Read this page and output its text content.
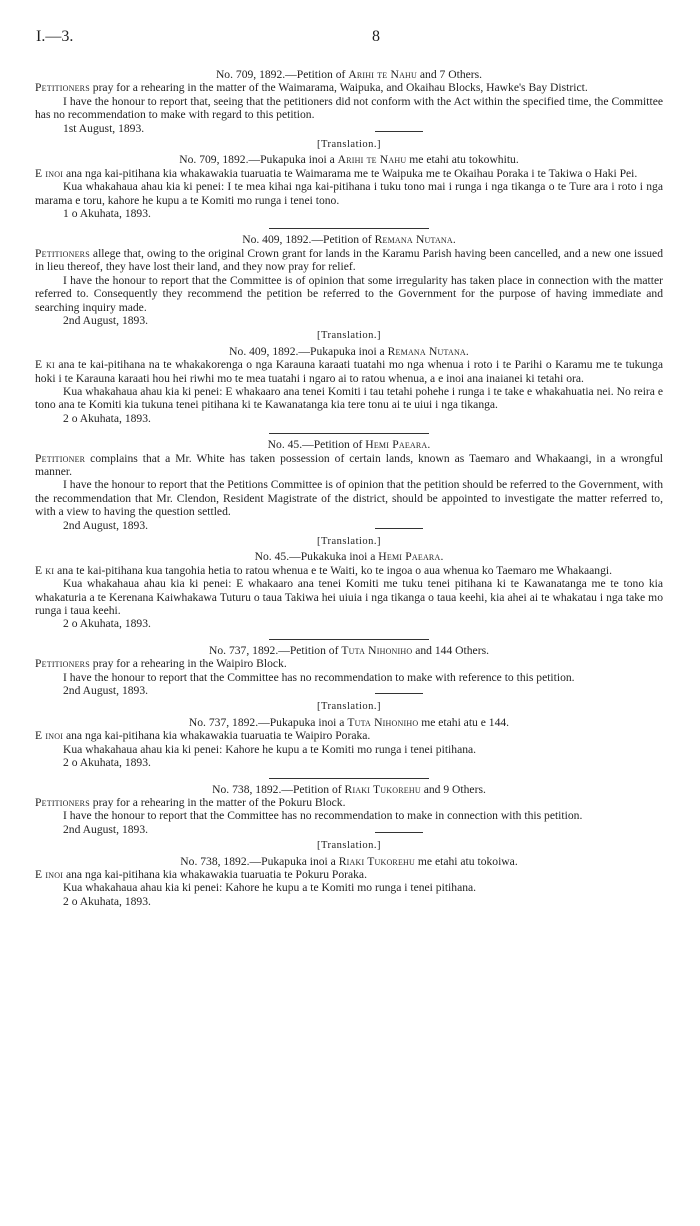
I.—3.	8

No. 709, 1892.—Petition of Arihi te Nahu and 7 Others.

Petitioners pray for a rehearing in the matter of the Waimarama, Waipuka, and Okaihau Blocks, Hawke's Bay District.

I have the honour to report that, seeing that the petitioners did not conform with the Act within the specified time, the Committee has no recommendation to make with regard to this petition.

1st August, 1893.

[Translation.]

No. 709, 1892.—Pukapuka inoi a Arihi te Nahu me etahi atu tokowhitu.

E inoi ana nga kai-pitihana kia whakawakia tuaruatia te Waimarama me te Waipuka me te Okaihau Poraka i te Takiwa o Haki Pei.

Kua whakahaua ahau kia ki penei: I te mea kihai nga kai-pitihana i tuku tono mai i runga i nga tikanga o te Ture ara i roto i nga marama e toru, kahore he kupu a te Komiti mo runga i tenei tono.

1 o Akuhata, 1893.

No. 409, 1892.—Petition of Remana Nutana.

Petitioners allege that, owing to the original Crown grant for lands in the Karamu Parish having been cancelled, and a new one issued in lieu thereof, they have lost their land, and they now pray for relief.

I have the honour to report that the Committee is of opinion that some irregularity has taken place in connection with the matter referred to. Consequently they recommend the petition be referred to the Government for the purpose of having immediate and searching inquiry made.

2nd August, 1893.

[Translation.]

No. 409, 1892.—Pukapuka inoi a Remana Nutana.

E ki ana te kai-pitihana na te whakakorenga o nga Karauna karaati tuatahi mo nga whenua i roto i te Parihi o Karamu me te tukunga hoki i te Karauna karaati hou hei riwhi mo te mea tuatahi i ngaro ai to ratou whenua, a e inoi ana inaianei ki tetahi ora.

Kua whakahaua ahau kia ki penei: E whakaaro ana tenei Komiti i tau tetahi pohehe i runga i te take e whakahuatia nei. No reira e tono ana te Komiti kia tukuna tenei pitihana ki te Kawanatanga kia tere tonu ai te uiui i nga tikanga.

2 o Akuhata, 1893.

No. 45.—Petition of Hemi Paeara.

Petitioner complains that a Mr. White has taken possession of certain lands, known as Taemaro and Whakaangi, in a wrongful manner.

I have the honour to report that the Petitions Committee is of opinion that the petition should be referred to the Government, with the recommendation that Mr. Clendon, Resident Magistrate of the district, should be appointed to investigate the matter referred to, with a view to having the question settled.

2nd August, 1893.

[Translation.]

No. 45.—Pukakuka inoi a Hemi Paeara.

E ki ana te kai-pitihana kua tangohia hetia to ratou whenua e te Waiti, ko te ingoa o aua whenua ko Taemaro me Whakaangi.

Kua whakahaua ahau kia ki penei: E whakaaro ana tenei Komiti me tuku tenei pitihana ki te Kawanatanga me te tono kia whakaturia a te Kerenana Kaiwhakawa Tuturu o taua Takiwa hei uiuia i nga tikanga o taua keehi, kia ahei ai te whakatau i nga take mo runga i taua keehi.

2 o Akuhata, 1893.

No. 737, 1892.—Petition of Tuta Nihoniho and 144 Others.

Petitioners pray for a rehearing in the Waipiro Block.

I have the honour to report that the Committee has no recommendation to make with reference to this petition.

2nd August, 1893.

[Translation.]

No. 737, 1892.—Pukapuka inoi a Tuta Nihoniho me etahi atu e 144.

E inoi ana nga kai-pitihana kia whakawakia tuaruatia te Waipiro Poraka.

Kua whakahaua ahau kia ki penei: Kahore he kupu a te Komiti mo runga i tenei pitihana.

2 o Akuhata, 1893.

No. 738, 1892.—Petition of Riaki Tukorehu and 9 Others.

Petitioners pray for a rehearing in the matter of the Pokuru Block.

I have the honour to report that the Committee has no recommendation to make in connection with this petition.

2nd August, 1893.

[Translation.]

No. 738, 1892.—Pukapuka inoi a Riaki Tukorehu me etahi atu tokoiwa.

E inoi ana nga kai-pitihana kia whakawakia tuaruatia te Pokuru Poraka.

Kua whakahaua ahau kia ki penei: Kahore he kupu a te Komiti mo runga i tenei pitihana.

2 o Akuhata, 1893.
